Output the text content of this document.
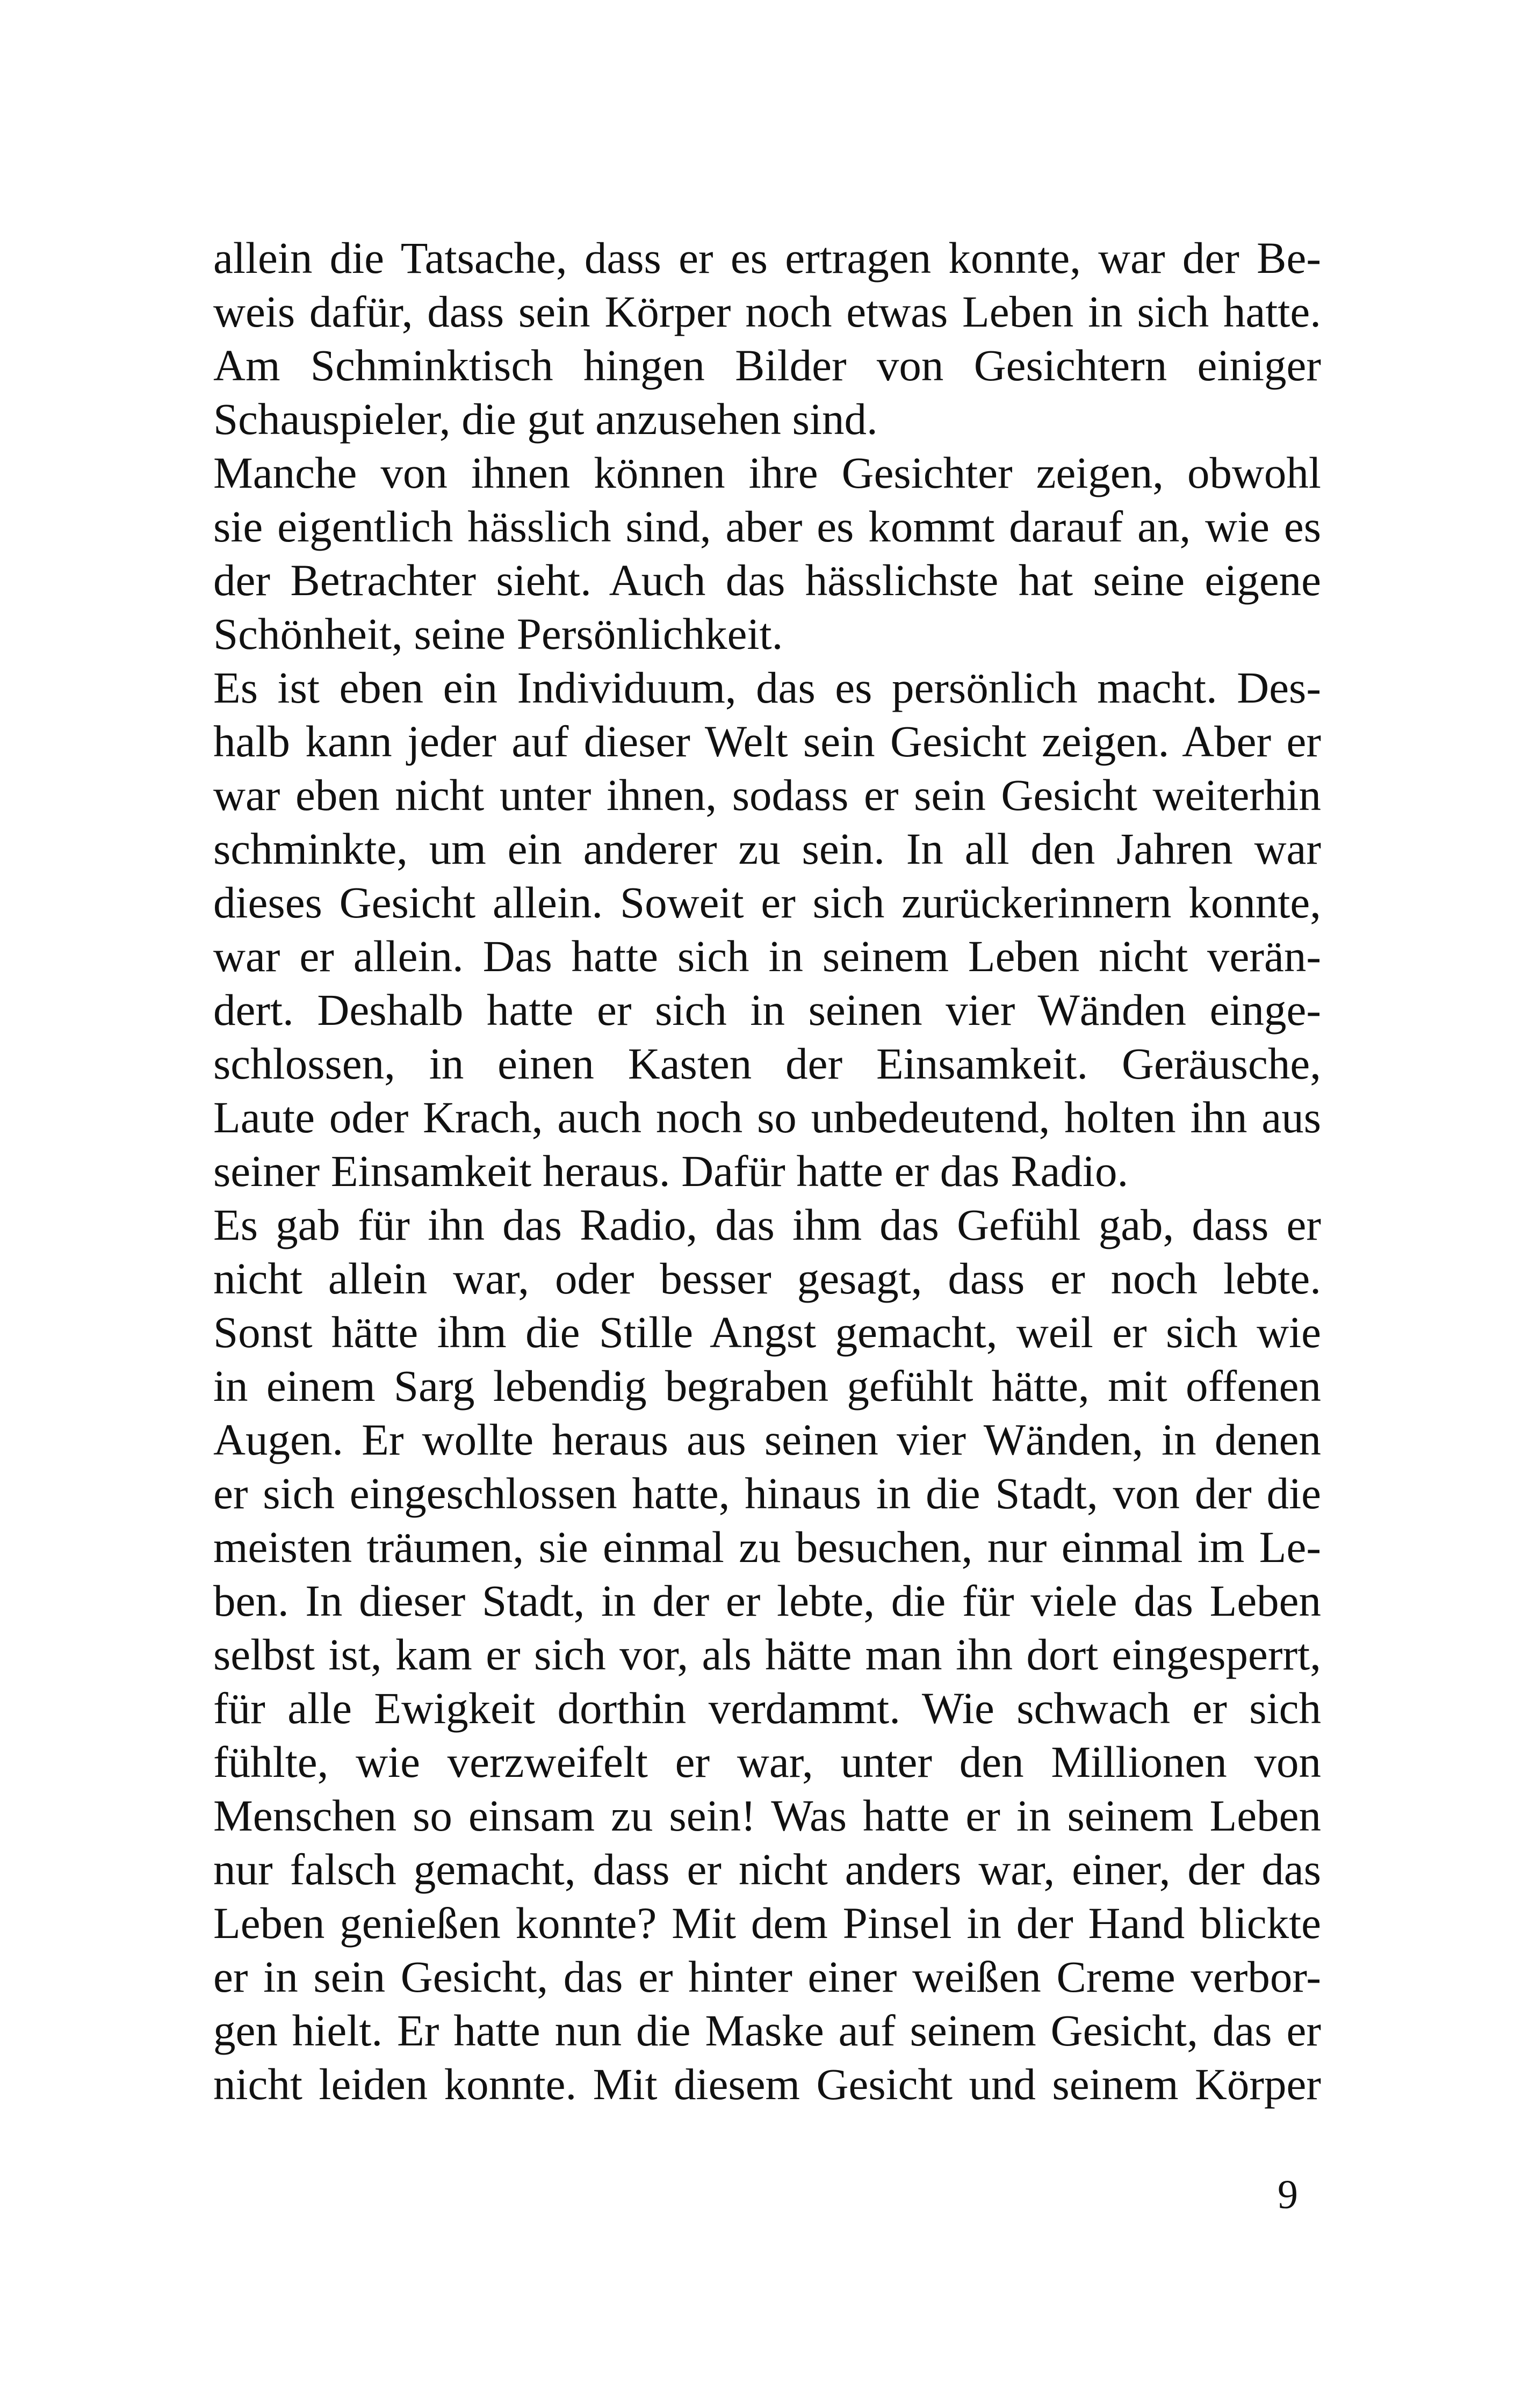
allein die Tatsache, dass er es ertragen konnte, war der Be-
weis dafür, dass sein Körper noch etwas Leben in sich hatte.
Am Schminktisch hingen Bilder von Gesichtern einiger
Schauspieler, die gut anzusehen sind.
Manche von ihnen können ihre Gesichter zeigen, obwohl
sie eigentlich hässlich sind, aber es kommt darauf an, wie es
der Betrachter sieht. Auch das hässlichste hat seine eigene
Schönheit, seine Persönlichkeit.
Es ist eben ein Individuum, das es persönlich macht. Des-
halb kann jeder auf dieser Welt sein Gesicht zeigen. Aber er
war eben nicht unter ihnen, sodass er sein Gesicht weiterhin
schminkte, um ein anderer zu sein. In all den Jahren war
dieses Gesicht allein. Soweit er sich zurückerinnern konnte,
war er allein. Das hatte sich in seinem Leben nicht verän-
dert. Deshalb hatte er sich in seinen vier Wänden einge-
schlossen, in einen Kasten der Einsamkeit. Geräusche,
Laute oder Krach, auch noch so unbedeutend, holten ihn aus
seiner Einsamkeit heraus. Dafür hatte er das Radio.
Es gab für ihn das Radio, das ihm das Gefühl gab, dass er
nicht allein war, oder besser gesagt, dass er noch lebte.
Sonst hätte ihm die Stille Angst gemacht, weil er sich wie
in einem Sarg lebendig begraben gefühlt hätte, mit offenen
Augen. Er wollte heraus aus seinen vier Wänden, in denen
er sich eingeschlossen hatte, hinaus in die Stadt, von der die
meisten träumen, sie einmal zu besuchen, nur einmal im Le-
ben. In dieser Stadt, in der er lebte, die für viele das Leben
selbst ist, kam er sich vor, als hätte man ihn dort eingesperrt,
für alle Ewigkeit dorthin verdammt. Wie schwach er sich
fühlte, wie verzweifelt er war, unter den Millionen von
Menschen so einsam zu sein! Was hatte er in seinem Leben
nur falsch gemacht, dass er nicht anders war, einer, der das
Leben genießen konnte? Mit dem Pinsel in der Hand blickte
er in sein Gesicht, das er hinter einer weißen Creme verbor-
gen hielt. Er hatte nun die Maske auf seinem Gesicht, das er
nicht leiden konnte. Mit diesem Gesicht und seinem Körper
9
